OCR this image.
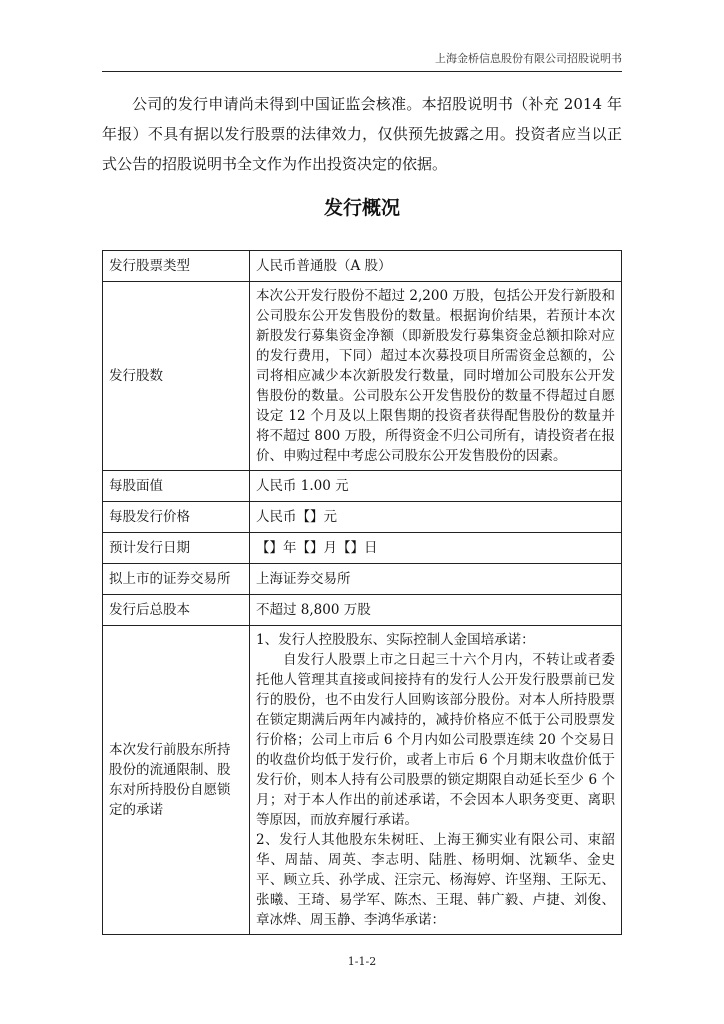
上海金桥信息股份有限公司招股说明书

公司的发行申请尚未得到中国证监会核准。本招股说明书（补充 2014 年年报）不具有据以发行股票的法律效力，仅供预先披露之用。投资者应当以正式公告的招股说明书全文作为作出投资决定的依据。

发行概况
发行股票类型	人民币普通股（A 股）
发行股数	本次公开发行股份不超过 2,200 万股，包括公开发行新股和公司股东公开发售股份的数量。根据询价结果，若预计本次新股发行募集资金净额（即新股发行募集资金总额扣除对应的发行费用，下同）超过本次募投项目所需资金总额的，公司将相应减少本次新股发行数量，同时增加公司股东公开发售股份的数量。公司股东公开发售股份的数量不得超过自愿设定 12 个月及以上限售期的投资者获得配售股份的数量并将不超过 800 万股，所得资金不归公司所有，请投资者在报价、申购过程中考虑公司股东公开发售股份的因素。
每股面值	人民币 1.00 元
每股发行价格	人民币【】元
预计发行日期	【】年【】月【】日
拟上市的证券交易所	上海证券交易所
发行后总股本	不超过 8,800 万股
本次发行前股东所持股份的流通限制、股东对所持股份自愿锁定的承诺	1、发行人控股股东、实际控制人金国培承诺：

自发行人股票上市之日起三十六个月内，不转让或者委托他人管理其直接或间接持有的发行人公开发行股票前已发行的股份，也不由发行人回购该部分股份。对本人所持股票在锁定期满后两年内减持的，减持价格应不低于公司股票发行价格；公司上市后 6 个月内如公司股票连续 20 个交易日的收盘价均低于发行价，或者上市后 6 个月期末收盘价低于发行价，则本人持有公司股票的锁定期限自动延长至少 6 个月；对于本人作出的前述承诺，不会因本人职务变更、离职等原因，而放弃履行承诺。

2、发行人其他股东朱树旺、上海王狮实业有限公司、束韶华、周喆、周英、李志明、陆胜、杨明炯、沈颖华、金史平、顾立兵、孙学成、汪宗元、杨海婷、许坚翔、王际无、张曦、王琦、易学军、陈杰、王琨、韩广毅、卢捷、刘俊、章冰烨、周玉静、李鸿华承诺：

1-1-2
